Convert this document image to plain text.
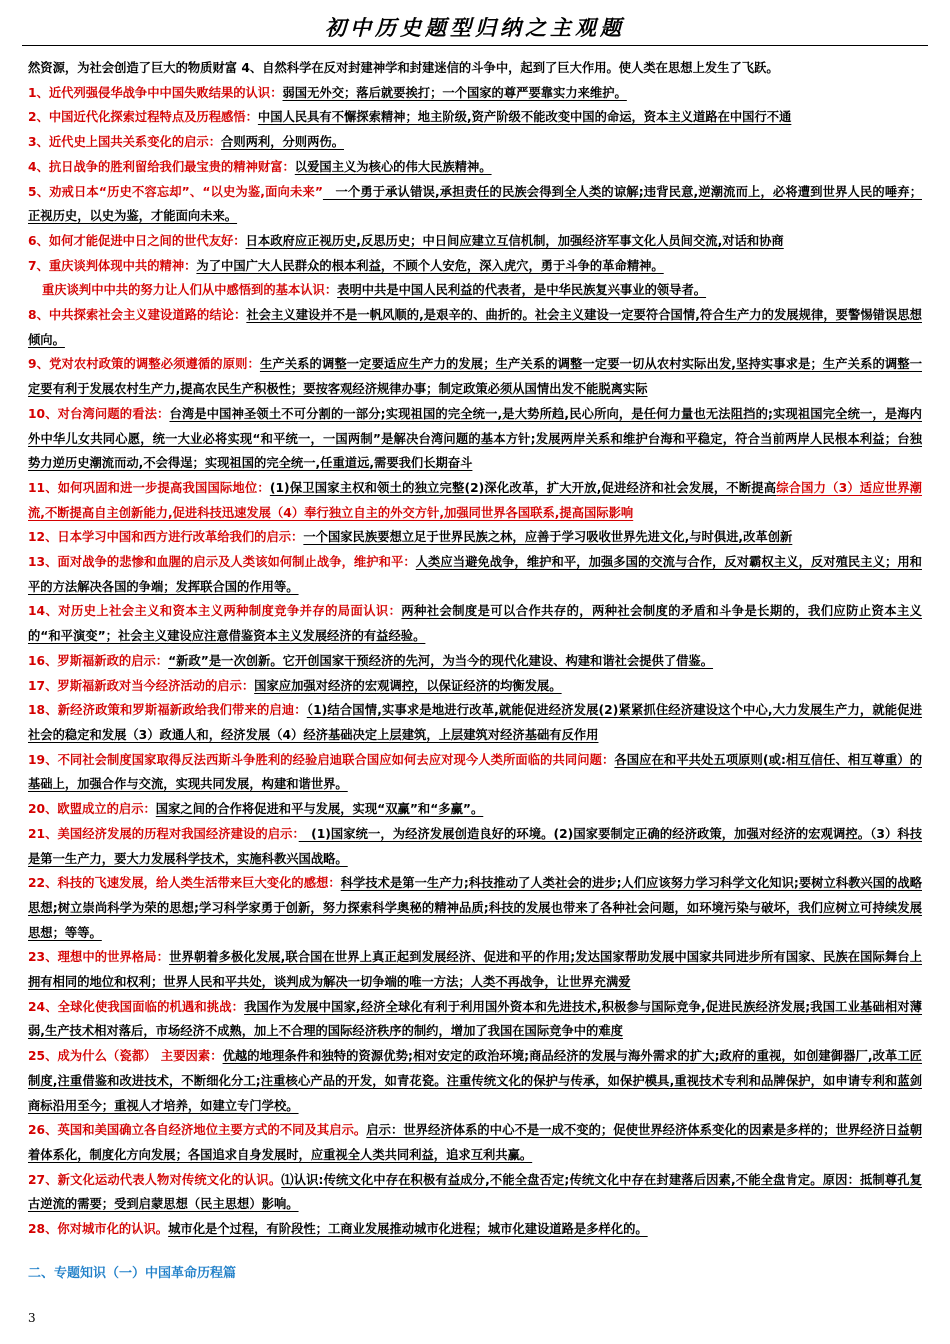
初中历史题型归纳之主观题

然资源，为社会创造了巨大的物质财富 4、自然科学在反对封建神学和封建迷信的斗争中，起到了巨大作用。使人类在思想上发生了飞跃。

1、近代列强侵华战争中中国失败结果的认识：弱国无外交；落后就要挨打；一个国家的尊严要靠实力来维护。

2、中国近代化探索过程特点及历程感悟：中国人民具有不懈探索精神；地主阶级,资产阶级不能改变中国的命运，资本主义道路在中国行不通

3、近代史上国共关系变化的启示：合则两利，分则两伤。

4、抗日战争的胜利留给我们最宝贵的精神财富：以爱国主义为核心的伟大民族精神。

5、劝戒日本“历史不容忘却”、“以史为鉴,面向未来”　一个勇于承认错误,承担责任的民族会得到全人类的谅解;违背民意,逆潮流而上，必将遭到世界人民的唾弃；正视历史，以史为鉴，才能面向未来。

6、如何才能促进中日之间的世代友好：日本政府应正视历史,反思历史；中日间应建立互信机制，加强经济军事文化人员间交流,对话和协商

7、重庆谈判体现中共的精神：为了中国广大人民群众的根本利益，不顾个人安危，深入虎穴，勇于斗争的革命精神。

重庆谈判中中共的努力让人们从中感悟到的基本认识：表明中共是中国人民利益的代表者，是中华民族复兴事业的领导者。

8、中共探索社会主义建设道路的结论：社会主义建设并不是一帆风顺的,是艰辛的、曲折的。社会主义建设一定要符合国情,符合生产力的发展规律，要警惕错误思想倾向。

9、党对农村政策的调整必须遵循的原则：生产关系的调整一定要适应生产力的发展；生产关系的调整一定要一切从农村实际出发,坚持实事求是；生产关系的调整一定要有利于发展农村生产力,提高农民生产积极性；要按客观经济规律办事；制定政策必须从国情出发不能脱离实际

10、对台湾问题的看法：台湾是中国神圣领土不可分割的一部分;实现祖国的完全统一,是大势所趋,民心所向，是任何力量也无法阻挡的;实现祖国完全统一，是海内外中华儿女共同心愿，统一大业必将实现“和平统一，一国两制”是解决台湾问题的基本方针;发展两岸关系和维护台海和平稳定，符合当前两岸人民根本利益；台独势力逆历史潮流而动,不会得逞；实现祖国的完全统一,任重道远,需要我们长期奋斗

11、如何巩固和进一步提高我国国际地位：(1)保卫国家主权和领土的独立完整(2)深化改革，扩大开放,促进经济和社会发展，不断提高综合国力（3）适应世界潮流,不断提高自主创新能力,促进科技迅速发展（4）奉行独立自主的外交方针,加强同世界各国联系,提高国际影响

12、日本学习中国和西方进行改革给我们的启示：一个国家民族要想立足于世界民族之林，应善于学习吸收世界先进文化,与时俱进,改革创新

13、面对战争的悲惨和血腥的启示及人类该如何制止战争，维护和平：人类应当避免战争，维护和平，加强多国的交流与合作，反对霸权主义，反对殖民主义；用和平的方法解决各国的争端；发挥联合国的作用等。

14、对历史上社会主义和资本主义两种制度竞争并存的局面认识：两种社会制度是可以合作共存的，两种社会制度的矛盾和斗争是长期的，我们应防止资本主义的“和平演变”；社会主义建设应注意借鉴资本主义发展经济的有益经验。

16、罗斯福新政的启示：“新政”是一次创新。它开创国家干预经济的先河，为当今的现代化建设、构建和谐社会提供了借鉴。

17、罗斯福新政对当今经济活动的启示：国家应加强对经济的宏观调控，以保证经济的均衡发展。

18、新经济政策和罗斯福新政给我们带来的启迪：（1)结合国情,实事求是地进行改革,就能促进经济发展(2)紧紧抓住经济建设这个中心,大力发展生产力，就能促进社会的稳定和发展（3）政通人和，经济发展（4）经济基础决定上层建筑，上层建筑对经济基础有反作用

19、不同社会制度国家取得反法西斯斗争胜利的经验启迪联合国应如何去应对现今人类所面临的共同问题：各国应在和平共处五项原则(或:相互信任、相互尊重）的基础上，加强合作与交流，实现共同发展，构建和谐世界。

20、欧盟成立的启示：国家之间的合作将促进和平与发展，实现“双赢”和“多赢”。

21、美国经济发展的历程对我国经济建设的启示：　(1)国家统一，为经济发展创造良好的环境。(2)国家要制定正确的经济政策，加强对经济的宏观调控。（3）科技是第一生产力，要大力发展科学技术，实施科教兴国战略。

22、科技的飞速发展，给人类生活带来巨大变化的感想：科学技术是第一生产力;科技推动了人类社会的进步;人们应该努力学习科学文化知识;要树立科教兴国的战略思想;树立崇尚科学为荣的思想;学习科学家勇于创新，努力探索科学奥秘的精神品质;科技的发展也带来了各种社会问题，如环境污染与破坏，我们应树立可持续发展思想；等等。

23、理想中的世界格局：世界朝着多极化发展,联合国在世界上真正起到发展经济、促进和平的作用;发达国家帮助发展中国家共同进步所有国家、民族在国际舞台上拥有相同的地位和权利；世界人民和平共处，谈判成为解决一切争端的唯一方法；人类不再战争，让世界充满爱

24、全球化使我国面临的机遇和挑战：我国作为发展中国家,经济全球化有利于利用国外资本和先进技术,积极参与国际竞争,促进民族经济发展;我国工业基础相对薄弱,生产技术相对落后，市场经济不成熟，加上不合理的国际经济秩序的制约，增加了我国在国际竞争中的难度

25、成为什么（瓷都） 主要因素：优越的地理条件和独特的资源优势;相对安定的政治环境;商品经济的发展与海外需求的扩大;政府的重视，如创建御器厂,改革工匠制度,注重借鉴和改进技术，不断细化分工;注重核心产品的开发，如青花瓷。注重传统文化的保护与传承，如保护模具,重视技术专利和品牌保护，如申请专利和蓝剑商标沿用至今；重视人才培养，如建立专门学校。

26、英国和美国确立各自经济地位主要方式的不同及其启示。启示：世界经济体系的中心不是一成不变的；促使世界经济体系变化的因素是多样的；世界经济日益朝着体系化，制度化方向发展；各国追求自身发展时，应重视全人类共同利益，追求互利共赢。

27、新文化运动代表人物对传统文化的认识。⑴认识:传统文化中存在积极有益成分,不能全盘否定;传统文化中存在封建落后因素,不能全盘肯定。原因：抵制尊孔复古逆流的需要；受到启蒙思想（民主思想）影响。

28、你对城市化的认识。城市化是个过程，有阶段性；工商业发展推动城市化进程；城市化建设道路是多样化的。

二、专题知识（一）中国革命历程篇
3
